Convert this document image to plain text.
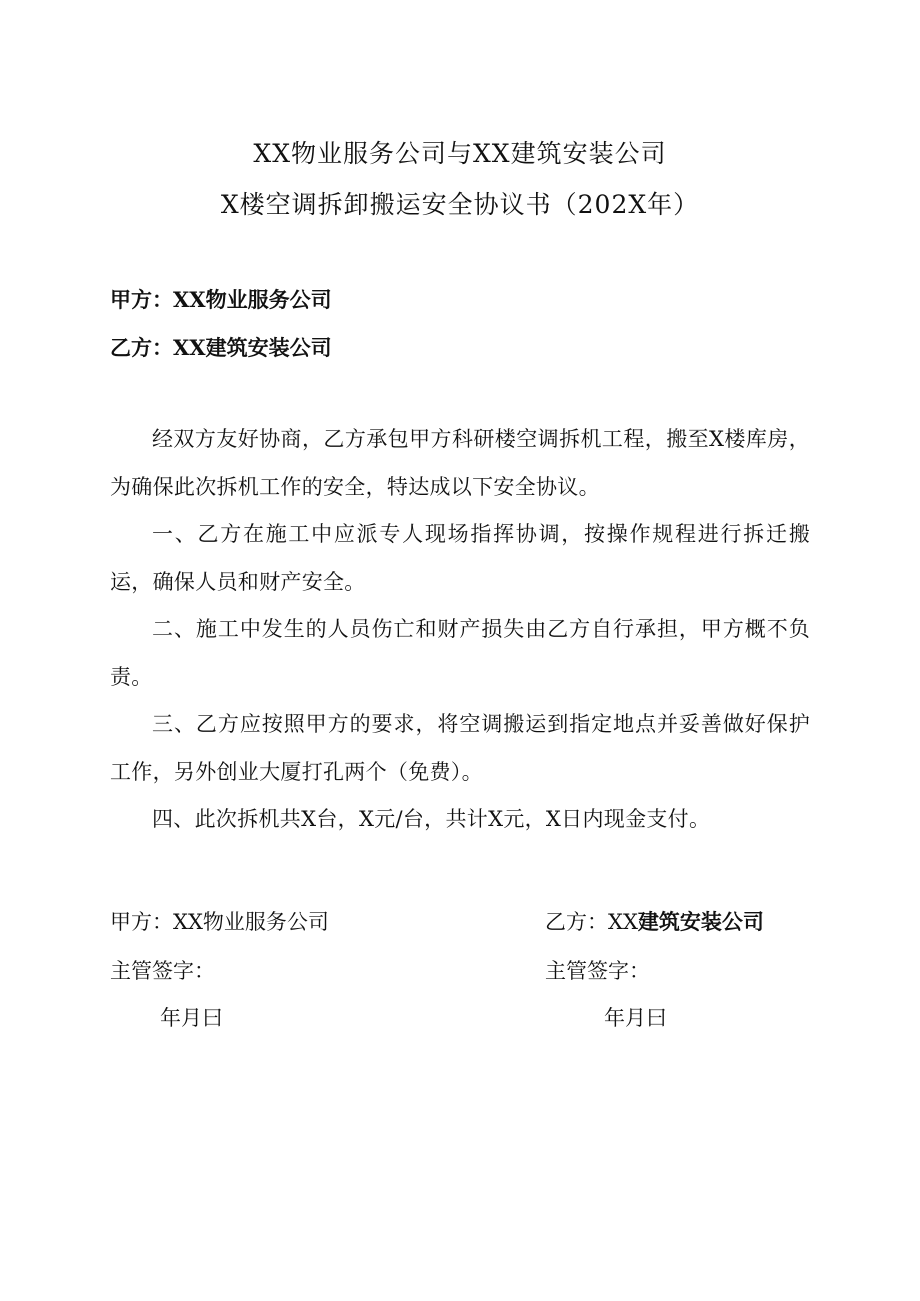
XX物业服务公司与XX建筑安装公司
X楼空调拆卸搬运安全协议书（202X年）
甲方：XX物业服务公司
乙方：XX建筑安装公司

经双方友好协商，乙方承包甲方科研楼空调拆机工程，搬至X楼库房，为确保此次拆机工作的安全，特达成以下安全协议。

一、乙方在施工中应派专人现场指挥协调，按操作规程进行拆迁搬运，确保人员和财产安全。

二、施工中发生的人员伤亡和财产损失由乙方自行承担，甲方概不负责。

三、乙方应按照甲方的要求，将空调搬运到指定地点并妥善做好保护工作，另外创业大厦打孔两个（免费）。

四、此次拆机共X台，X元/台，共计X元，X日内现金支付。

甲方：XX物业服务公司
主管签字：
年月曰
乙方：XX建筑安装公司
主管签字：
年月曰
